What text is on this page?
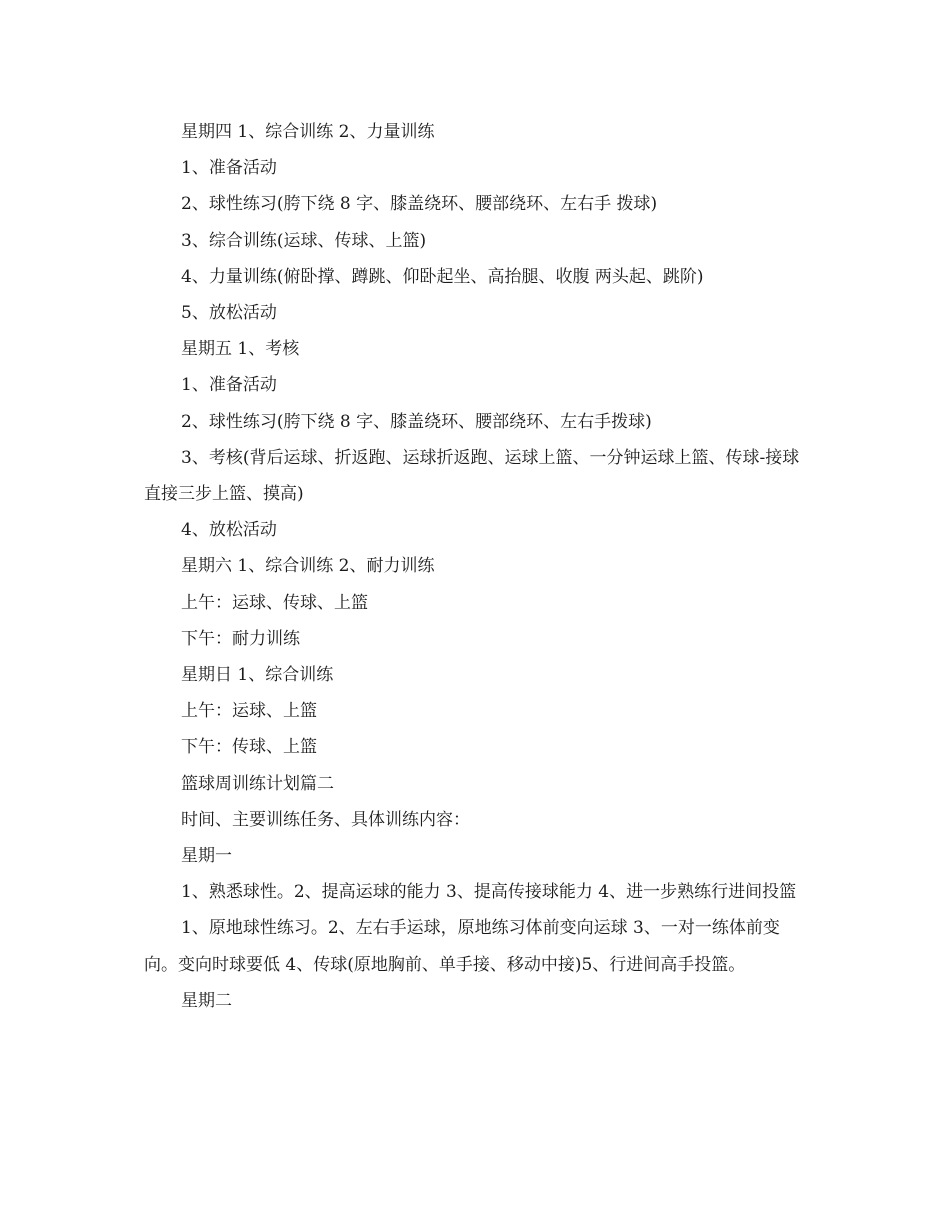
星期四 1、综合训练 2、力量训练

1、准备活动

2、球性练习(胯下绕 8 字、膝盖绕环、腰部绕环、左右手 拨球)

3、综合训练(运球、传球、上篮)

4、力量训练(俯卧撑、蹲跳、仰卧起坐、高抬腿、收腹 两头起、跳阶)

5、放松活动

星期五 1、考核

1、准备活动

2、球性练习(胯下绕 8 字、膝盖绕环、腰部绕环、左右手拨球)

3、考核(背后运球、折返跑、运球折返跑、运球上篮、一分钟运球上篮、传球-接球直接三步上篮、摸高)

4、放松活动

星期六 1、综合训练 2、耐力训练

上午：运球、传球、上篮

下午：耐力训练

星期日 1、综合训练

上午：运球、上篮

下午：传球、上篮

篮球周训练计划篇二

时间、主要训练任务、具体训练内容：

星期一

1、熟悉球性。2、提高运球的能力 3、提高传接球能力 4、进一步熟练行进间投篮

1、原地球性练习。2、左右手运球，原地练习体前变向运球 3、一对一练体前变向。变向时球要低 4、传球(原地胸前、单手接、移动中接)5、行进间高手投篮。

星期二
